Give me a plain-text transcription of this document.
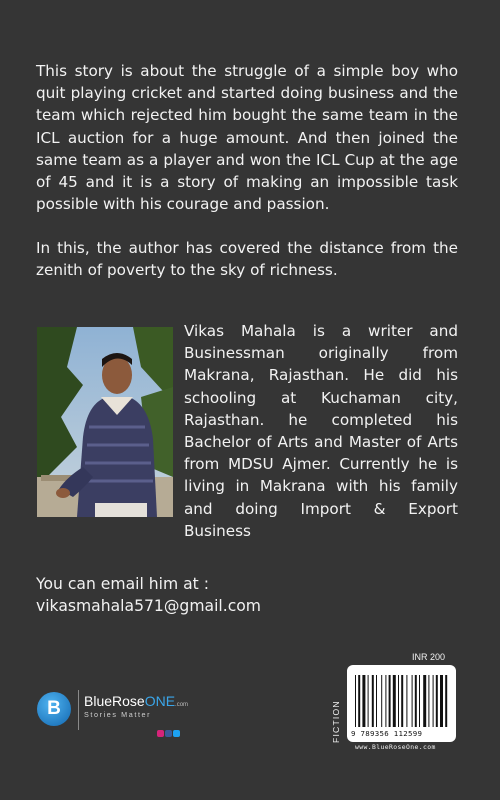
This story is about the struggle of a simple boy who quit playing cricket and started doing business and the team which rejected him bought the same team in the ICL auction for a huge amount. And then joined the same team as a player and won the ICL Cup at the age of 45 and it is a story of making an impossible task possible with his courage and passion.

In this, the author has covered the distance from the zenith of poverty to the sky of richness.

Vikas Mahala is a writer and Businessman originally from Makrana, Rajasthan. He did his schooling at Kuchaman city, Rajasthan. he completed his Bachelor of Arts and Master of Arts from MDSU Ajmer. Currently he is living in Makrana with his family and doing Import & Export Business

You can email him at :
vikasmahala571@gmail.com
B	BlueRoseONE.com
Stories Matter
INR 200
FICTION	9 789356 112599
www.BlueRoseOne.com
